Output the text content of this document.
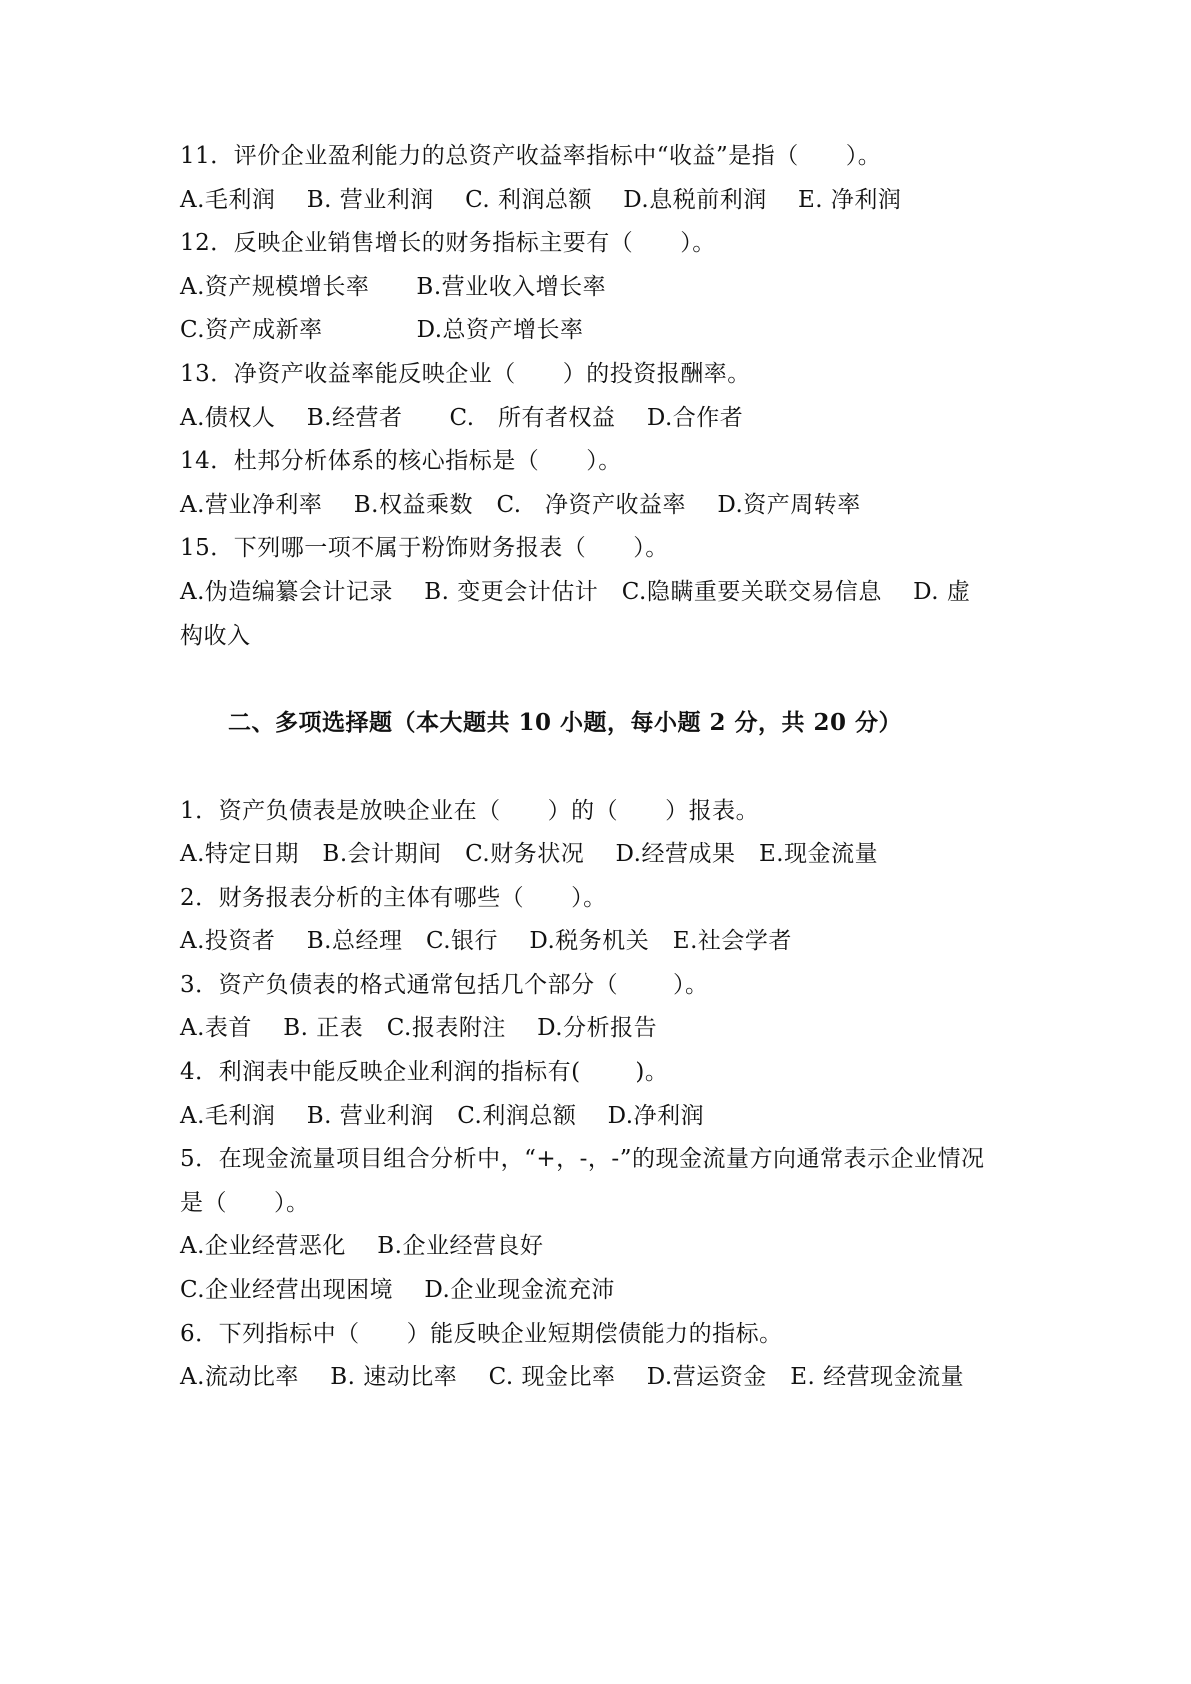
11．评价企业盈利能力的总资产收益率指标中“收益”是指（　　）。
A.毛利润　 B. 营业利润　 C. 利润总额　 D.息税前利润　 E. 净利润
12．反映企业销售增长的财务指标主要有（　　）。
A.资产规模增长率　　B.营业收入增长率
C.资产成新率　　　　D.总资产增长率
13．净资产收益率能反映企业（　　）的投资报酬率。
A.债权人　 B.经营者　　C.　所有者权益　 D.合作者
14．杜邦分析体系的核心指标是（　　）。
A.营业净利率　 B.权益乘数　C.　净资产收益率　 D.资产周转率
15．下列哪一项不属于粉饰财务报表（　　）。
A.伪造编纂会计记录　 B. 变更会计估计　C.隐瞒重要关联交易信息　 D. 虚
构收入
二、多项选择题（本大题共 10 小题，每小题 2 分，共 20 分）
1．资产负债表是放映企业在（　　）的（　　）报表。
A.特定日期　B.会计期间　C.财务状况　 D.经营成果　E.现金流量
2．财务报表分析的主体有哪些（　　）。
A.投资者　 B.总经理　C.银行　 D.税务机关　E.社会学者
3．资产负债表的格式通常包括几个部分（　　 ）。
A.表首　 B. 正表　C.报表附注　 D.分析报告
4．利润表中能反映企业利润的指标有(　　 )。
A.毛利润　 B. 营业利润　C.利润总额　 D.净利润
5．在现金流量项目组合分析中，“+，-，-”的现金流量方向通常表示企业情况
是（　　）。
A.企业经营恶化　 B.企业经营良好
C.企业经营出现困境　 D.企业现金流充沛
6．下列指标中（　　）能反映企业短期偿债能力的指标。
A.流动比率　 B. 速动比率　 C. 现金比率　 D.营运资金　E. 经营现金流量
